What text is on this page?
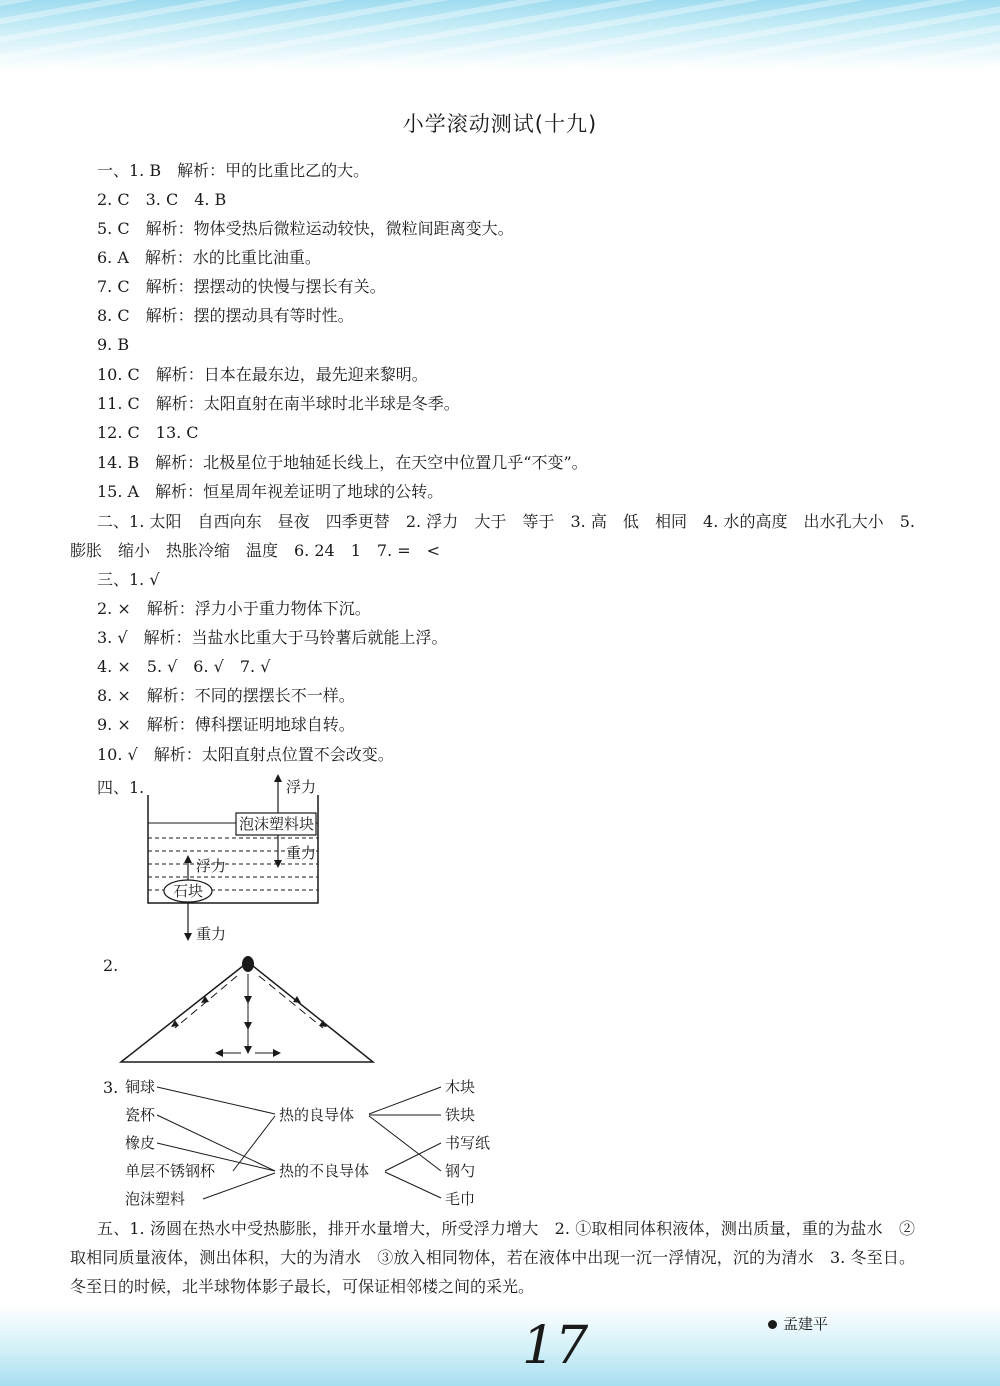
小学滚动测试(十九)
一、1. B　解析：甲的比重比乙的大。
2. C　3. C　4. B
5. C　解析：物体受热后微粒运动较快，微粒间距离变大。
6. A　解析：水的比重比油重。
7. C　解析：摆摆动的快慢与摆长有关。
8. C　解析：摆的摆动具有等时性。
9. B
10. C　解析：日本在最东边，最先迎来黎明。
11. C　解析：太阳直射在南半球时北半球是冬季。
12. C　13. C
14. B　解析：北极星位于地轴延长线上，在天空中位置几乎“不变”。
15. A　解析：恒星周年视差证明了地球的公转。
二、1. 太阳　自西向东　昼夜　四季更替　2. 浮力　大于　等于　3. 高　低　相同　4. 水的高度　出水孔大小　5. 膨胀　缩小　热胀冷缩　温度　6. 24　1　7. =　<
三、1. √
2. ×　解析：浮力小于重力物体下沉。
3. √　解析：当盐水比重大于马铃薯后就能上浮。
4. ×　5. √　6. √　7. √
8. ×　解析：不同的摆摆长不一样。
9. ×　解析：傅科摆证明地球自转。
10. √　解析：太阳直射点位置不会改变。
四、1.
2.
3.
泡沫塑料块
浮力
重力
石块
浮力
重力
铜球
瓷杯
橡皮
单层不锈钢杯
泡沫塑料
热的良导体
热的不良导体
木块
铁块
书写纸
钢勺
毛巾
五、1. 汤圆在热水中受热膨胀，排开水量增大，所受浮力增大　2. ①取相同体积液体，测出质量，重的为盐水　②取相同质量液体，测出体积，大的为清水　③放入相同物体，若在液体中出现一沉一浮情况，沉的为清水　3. 冬至日。冬至日的时候，北半球物体影子最长，可保证相邻楼之间的采光。
17	孟建平
